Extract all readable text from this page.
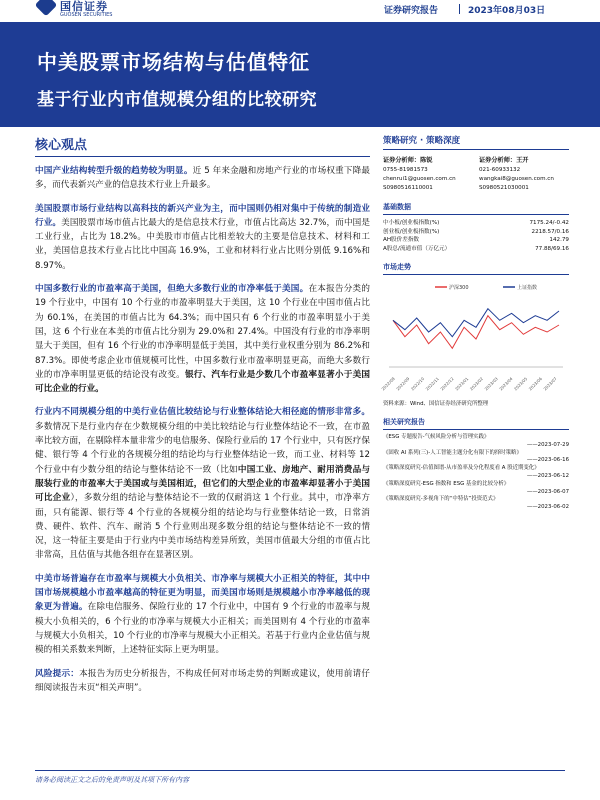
国信证券
GUOSEN SECURITIES	证券研究报告	2023年08月03日
中美股票市场结构与估值特征
基于行业内市值规模分组的比较研究
核心观点

中国产业结构转型升级的趋势较为明显。近 5 年来金融和房地产行业的市场权重下降最多，而代表新兴产业的信息技术行业上升最多。

美国股票市场行业结构以高科技的新兴产业为主，而中国则仍相对集中于传统的制造业行业。美国股票市场市值占比最大的是信息技术行业，市值占比高达 32.7%，而中国是工业行业，占比为 18.2%。中美股市市值占比相差较大的主要是信息技术、材料和工业，美国信息技术行业占比比中国高 16.9%，工业和材料行业占比则分别低 9.16%和 8.97%。

中国多数行业的市盈率高于美国，但绝大多数行业的市净率低于美国。在本报告分类的 19 个行业中，中国有 10 个行业的市盈率明显大于美国，这 10 个行业在中国市值占比为 60.1%，在美国的市值占比为 64.3%；而中国只有 6 个行业的市盈率明显小于美国，这 6 个行业在本美的市值占比分别为 29.0%和 27.4%。中国没有行业的市净率明显大于美国，但有 16 个行业的市净率明显低于美国，其中美行业权重分别为 86.2%和 87.3%。即使考虑企业市值规模可比性，中国多数行业市盈率明显更高，而绝大多数行业的市净率明显更低的结论没有改变。银行、汽车行业是少数几个市盈率显著小于美国可比企业的行业。

行业内不同规模分组的中美行业估值比较结论与行业整体结论大相径庭的情形非常多。多数情况下是行业内存在少数规模分组的中美比较结论与行业整体结论不一致，在市盈率比较方面，在剔除样本量非常少的电信服务、保险行业后的 17 个行业中，只有医疗保健、银行等 4 个行业的各规模分组的结论均与行业整体结论一致，而工业、材料等 12 个行业中有少数分组的结论与整体结论不一致（比如中国工业、房地产、耐用消费品与服装行业的市盈率大于美国或与美国相近，但它们的大型企业的市盈率却显著小于美国可比企业），多数分组的结论与整体结论不一致的仅耐消这 1 个行业。其中，市净率方面，只有能源、银行等 4 个行业的各规模分组的结论均与行业整体结论一致，日常消费、硬件、软件、汽车、耐消 5 个行业则出现多数分组的结论与整体结论不一致的情况，这一特征主要是由于行业内中美市场结构差异所致，美国市值最大分组的市值占比非常高，且估值与其他各组存在显著区别。

中美市场普遍存在市盈率与规模大小负相关、市净率与规模大小正相关的特征，其中中国市场规模越小市盈率越高的特征更为明显，而美国市场则是规模越小市净率越低的现象更为普遍。在除电信服务、保险行业的 17 个行业中，中国有 9 个行业的市盈率与规模大小负相关的，6 个行业的市净率与规模大小正相关；而美国则有 4 个行业的市盈率与规模大小负相关，10 个行业的市净率与规模大小正相关。若基于行业内企业估值与规模的相关系数来判断，上述特征实际上更为明显。

风险提示：本报告为历史分析报告，不构成任何对市场走势的判断或建议，使用前请仔细阅读报告末页“相关声明”。

策略研究 · 策略深度
证券分析师：陈锐
0755-81981573
chenrui1@guosen.com.cn
S0980516110001
证券分析师：王开
021-60933132
wangkai8@guosen.com.cn
S0980521030001
基础数据
中小板/创业板指数(%)	7175.24/-0.42
创业板/创业板指数(%)	2218.57/0.16
AH股价差指数	142.79
A股总/流通市值（万亿元）	77.88/69.16
市场走势
沪深300	上证指数
2022/08 2022/09 2022/10 2022/11 2022/12 2023/01 2023/02 2023/03 2023/04 2023/05 2023/06 2023/07
资料来源：Wind、国信证券经济研究所整理
相关研究报告
《ESG 专题报告-气候风险分析与管理实践》
——2023-07-29
《固收 AI 系列(三)-人工智能主题分化有限下的择时策略》
——2023-06-16
《策略深度研究-估值图谱-从市盈率及分化程度看 A 股近期变化》
——2023-06-12
《策略深度研究-ESG 指数和 ESG 基金的比较分析》
——2023-06-07
《策略深度研究-多视角下的“中特估”投资范式》
——2023-06-02
请务必阅读正文之后的免责声明及其项下所有内容
